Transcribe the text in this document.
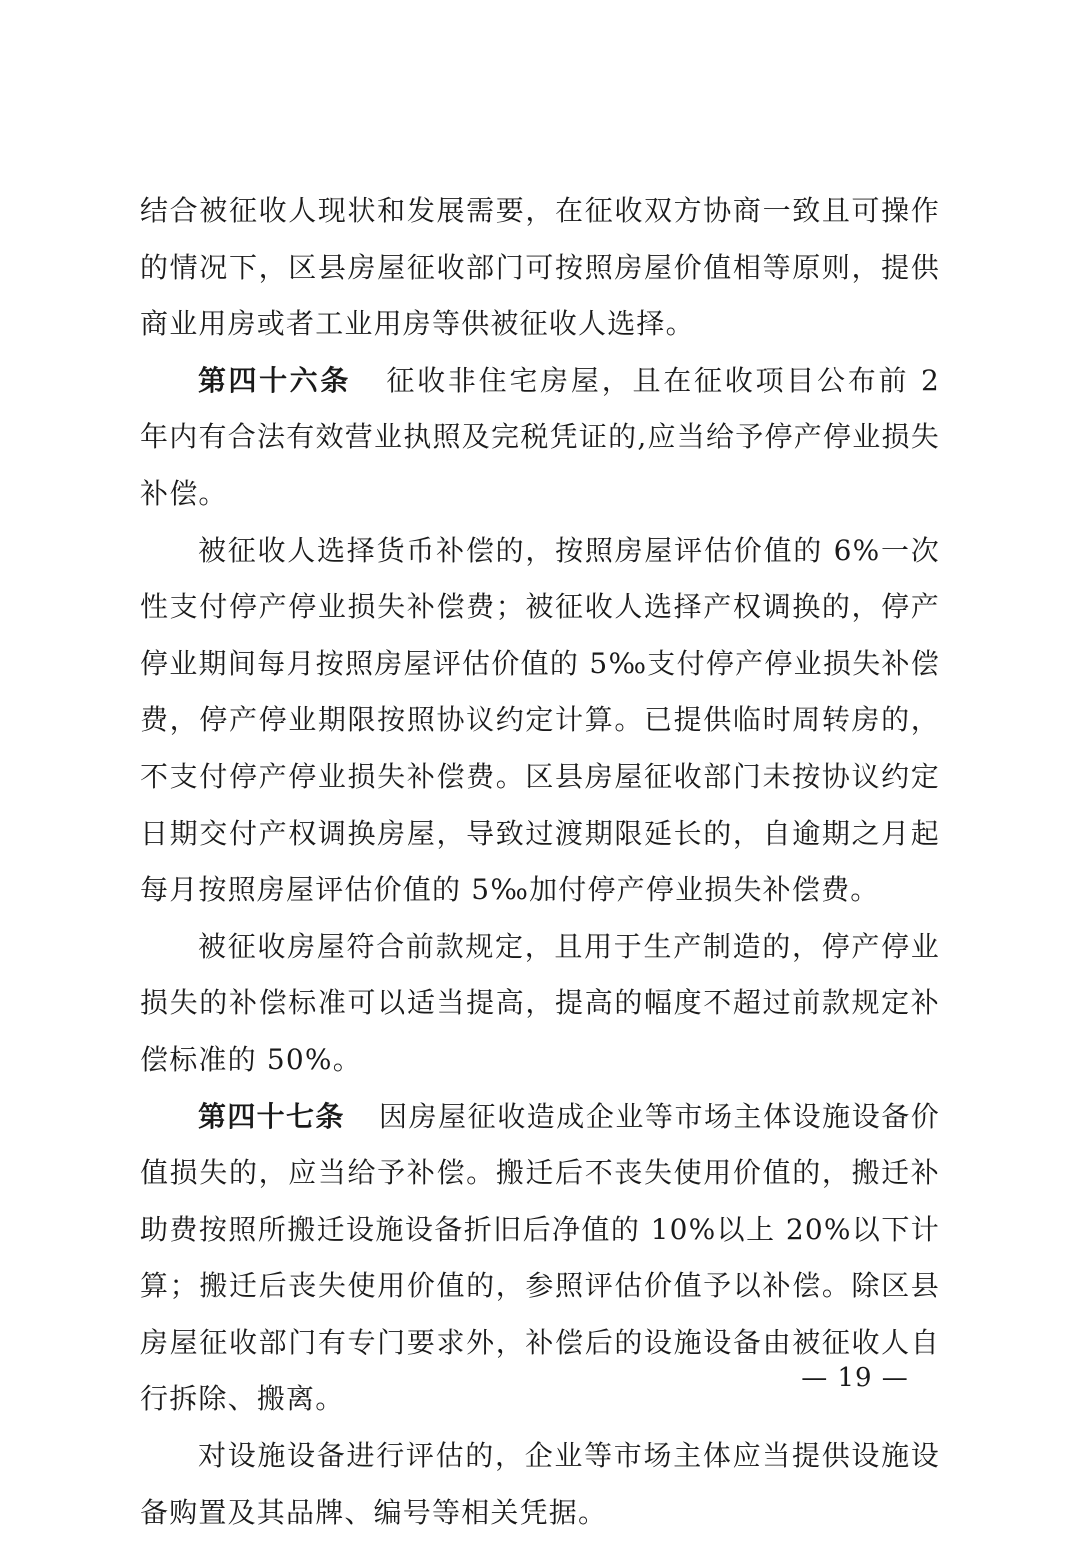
结合被征收人现状和发展需要，在征收双方协商一致且可操作的情况下，区县房屋征收部门可按照房屋价值相等原则，提供商业用房或者工业用房等供被征收人选择。

第四十六条 征收非住宅房屋，且在征收项目公布前 2 年内有合法有效营业执照及完税凭证的,应当给予停产停业损失补偿。

被征收人选择货币补偿的，按照房屋评估价值的 6%一次性支付停产停业损失补偿费；被征收人选择产权调换的，停产停业期间每月按照房屋评估价值的 5‰支付停产停业损失补偿费，停产停业期限按照协议约定计算。已提供临时周转房的，不支付停产停业损失补偿费。区县房屋征收部门未按协议约定日期交付产权调换房屋，导致过渡期限延长的，自逾期之月起每月按照房屋评估价值的 5‰加付停产停业损失补偿费。

被征收房屋符合前款规定，且用于生产制造的，停产停业损失的补偿标准可以适当提高，提高的幅度不超过前款规定补偿标准的 50%。

第四十七条 因房屋征收造成企业等市场主体设施设备价值损失的，应当给予补偿。搬迁后不丧失使用价值的，搬迁补助费按照所搬迁设施设备折旧后净值的 10%以上 20%以下计算；搬迁后丧失使用价值的，参照评估价值予以补偿。除区县房屋征收部门有专门要求外，补偿后的设施设备由被征收人自行拆除、搬离。

对设施设备进行评估的，企业等市场主体应当提供设施设备购置及其品牌、编号等相关凭据。

— 19 —
